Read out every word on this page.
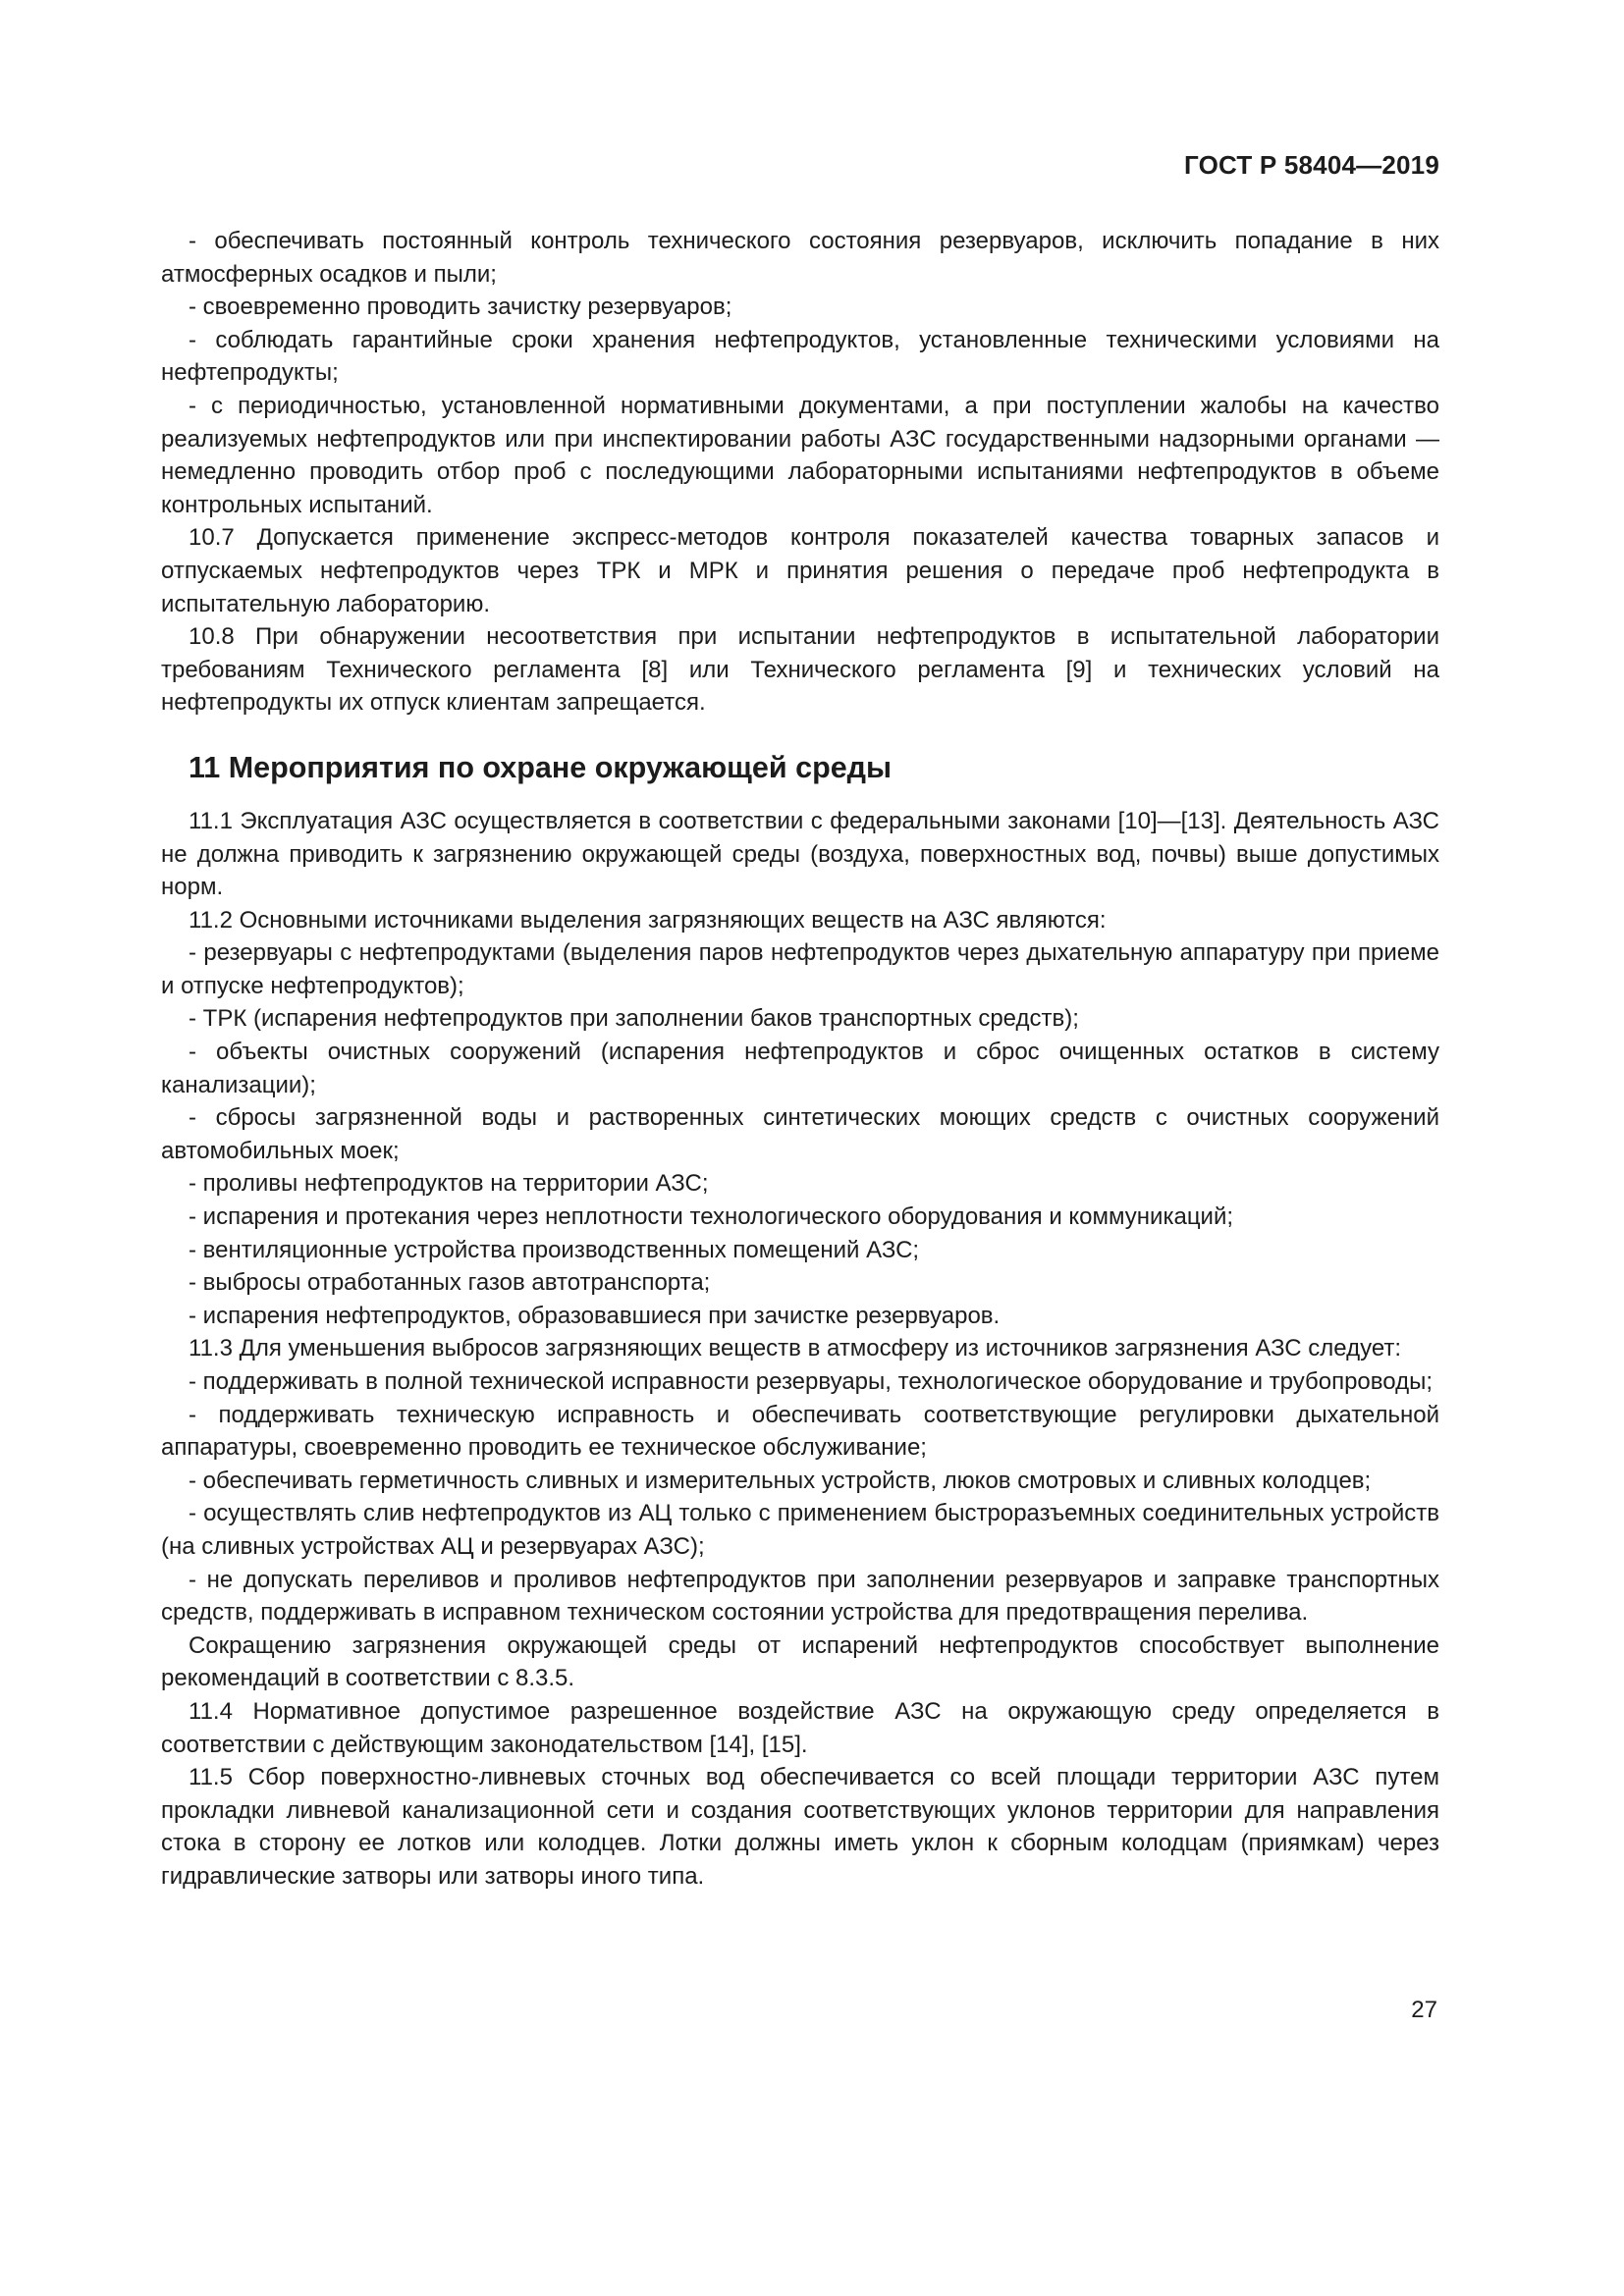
ГОСТ Р 58404—2019

- обеспечивать постоянный контроль технического состояния резервуаров, исключить попадание в них атмосферных осадков и пыли;

- своевременно проводить зачистку резервуаров;

- соблюдать гарантийные сроки хранения нефтепродуктов, установленные техническими условиями на нефтепродукты;

- с периодичностью, установленной нормативными документами, а при поступлении жалобы на качество реализуемых нефтепродуктов или при инспектировании работы АЗС государственными надзорными органами — немедленно проводить отбор проб с последующими лабораторными испытаниями нефтепродуктов в объеме контрольных испытаний.

10.7 Допускается применение экспресс-методов контроля показателей качества товарных запасов и отпускаемых нефтепродуктов через ТРК и МРК и принятия решения о передаче проб нефтепродукта в испытательную лабораторию.

10.8 При обнаружении несоответствия при испытании нефтепродуктов в испытательной лаборатории требованиям Технического регламента [8] или Технического регламента [9] и технических условий на нефтепродукты их отпуск клиентам запрещается.

11 Мероприятия по охране окружающей среды

11.1 Эксплуатация АЗС осуществляется в соответствии с федеральными законами [10]—[13]. Деятельность АЗС не должна приводить к загрязнению окружающей среды (воздуха, поверхностных вод, почвы) выше допустимых норм.

11.2 Основными источниками выделения загрязняющих веществ на АЗС являются:

- резервуары с нефтепродуктами (выделения паров нефтепродуктов через дыхательную аппаратуру при приеме и отпуске нефтепродуктов);

- ТРК (испарения нефтепродуктов при заполнении баков транспортных средств);

- объекты очистных сооружений (испарения нефтепродуктов и сброс очищенных остатков в систему канализации);

- сбросы загрязненной воды и растворенных синтетических моющих средств с очистных сооружений автомобильных моек;

- проливы нефтепродуктов на территории АЗС;

- испарения и протекания через неплотности технологического оборудования и коммуникаций;

- вентиляционные устройства производственных помещений АЗС;

- выбросы отработанных газов автотранспорта;

- испарения нефтепродуктов, образовавшиеся при зачистке резервуаров.

11.3 Для уменьшения выбросов загрязняющих веществ в атмосферу из источников загрязнения АЗС следует:

- поддерживать в полной технической исправности резервуары, технологическое оборудование и трубопроводы;

- поддерживать техническую исправность и обеспечивать соответствующие регулировки дыхательной аппаратуры, своевременно проводить ее техническое обслуживание;

- обеспечивать герметичность сливных и измерительных устройств, люков смотровых и сливных колодцев;

- осуществлять слив нефтепродуктов из АЦ только с применением быстроразъемных соединительных устройств (на сливных устройствах АЦ и резервуарах АЗС);

- не допускать переливов и проливов нефтепродуктов при заполнении резервуаров и заправке транспортных средств, поддерживать в исправном техническом состоянии устройства для предотвращения перелива.

Сокращению загрязнения окружающей среды от испарений нефтепродуктов способствует выполнение рекомендаций в соответствии с 8.3.5.

11.4 Нормативное допустимое разрешенное воздействие АЗС на окружающую среду определяется в соответствии с действующим законодательством [14], [15].

11.5 Сбор поверхностно-ливневых сточных вод обеспечивается со всей площади территории АЗС путем прокладки ливневой канализационной сети и создания соответствующих уклонов территории для направления стока в сторону ее лотков или колодцев. Лотки должны иметь уклон к сборным колодцам (приямкам) через гидравлические затворы или затворы иного типа.

27
